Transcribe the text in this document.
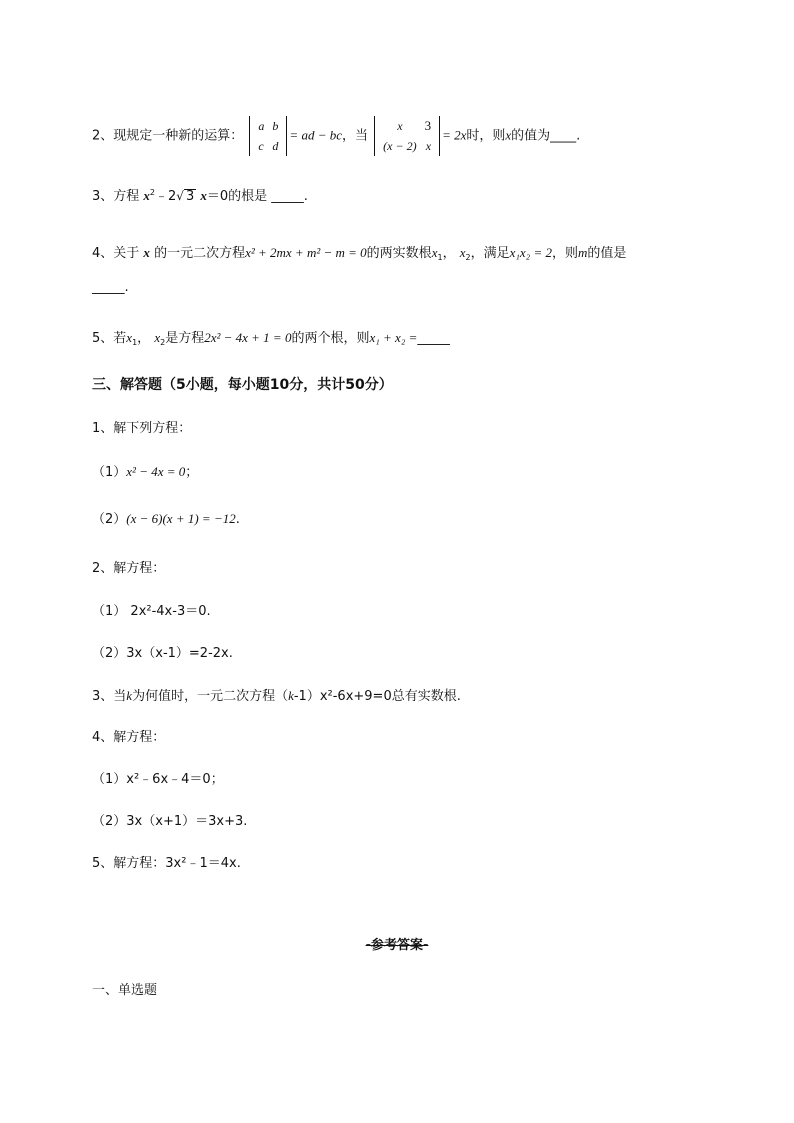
2、现规定一种新的运算：
a	b
c	d
= ad − bc，当
x	3
(x − 2)	x
= 2x时，则x的值为____.
3、方程 $x^2﹣2√$ 3 x＝0的根是 _____.
4、关于 x 的一元二次方程x² + 2mx + m² − m = 0的两实数根$x_1$， $x_2$，满足x₁x₂ = 2，则m的值是
_____.
5、若$x_1$， $x_2$是方程2x² − 4x + 1 = 0的两个根，则x₁ + x₂ =_____
三、解答题（5小题，每小题10分，共计50分）
1、解下列方程：
（1）x² − 4x = 0；
（2）(x − 6)(x + 1) = −12.
2、解方程：
（1） 2x²-4x-3＝0.
（2）3x（x-1）=2-2x.
3、当k为何值时，一元二次方程（k-1）x²-6x+9=0总有实数根.
4、解方程：
（1）x²﹣6x﹣4＝0；
（2）3x（x+1）＝3x+3.
5、解方程：3x²﹣1＝4x.
-参考答案-
一、单选题
